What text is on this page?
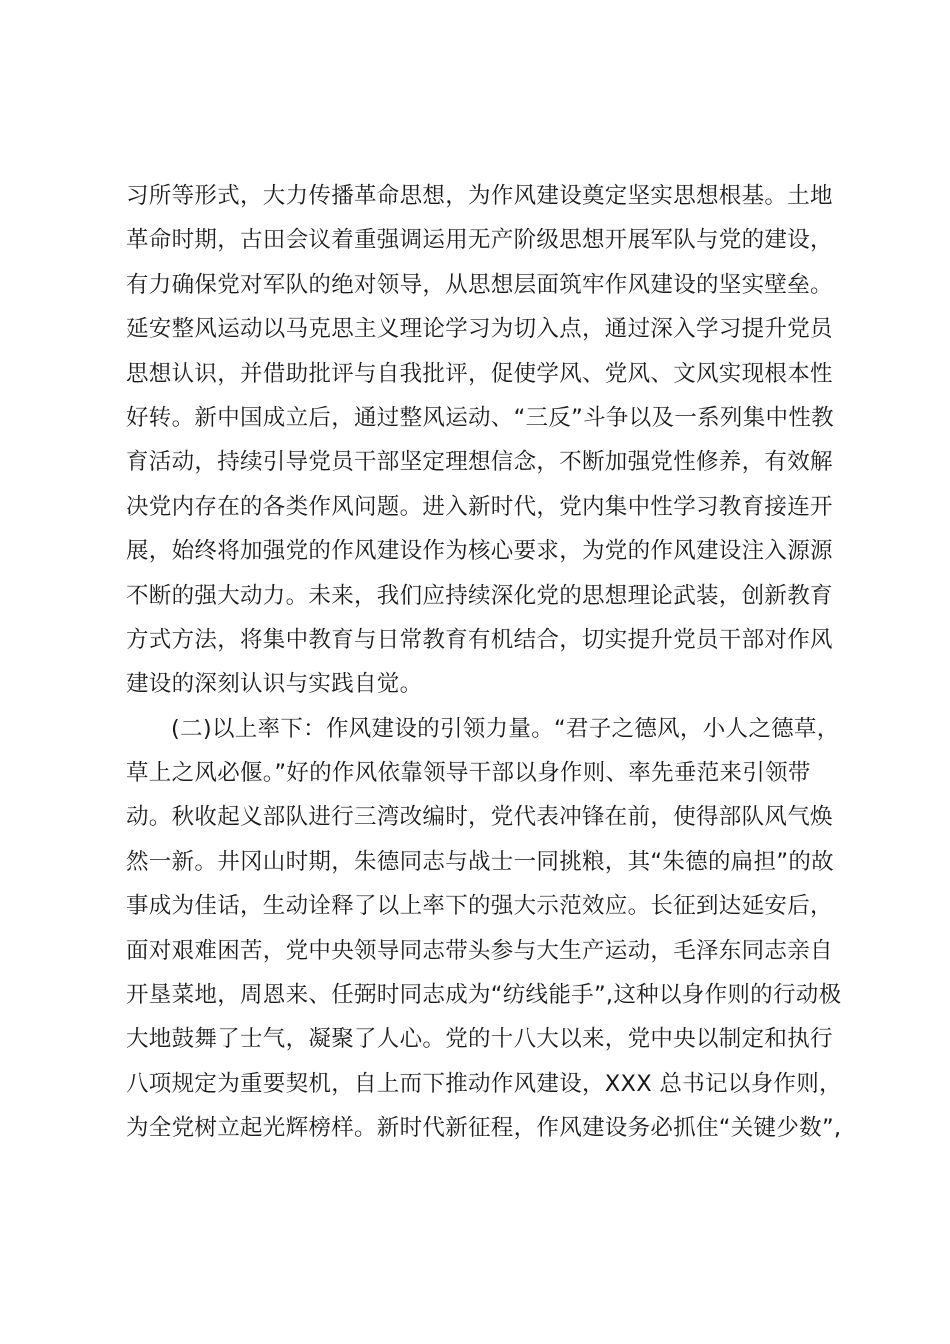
习所等形式，大力传播革命思想，为作风建设奠定坚实思想根基。土地
革命时期，古田会议着重强调运用无产阶级思想开展军队与党的建设，
有力确保党对军队的绝对领导，从思想层面筑牢作风建设的坚实壁垒。
延安整风运动以马克思主义理论学习为切入点，通过深入学习提升党员
思想认识，并借助批评与自我批评，促使学风、党风、文风实现根本性
好转。新中国成立后，通过整风运动、“三反”斗争以及一系列集中性教
育活动，持续引导党员干部坚定理想信念，不断加强党性修养，有效解
决党内存在的各类作风问题。进入新时代，党内集中性学习教育接连开
展，始终将加强党的作风建设作为核心要求，为党的作风建设注入源源
不断的强大动力。未来，我们应持续深化党的思想理论武装，创新教育
方式方法，将集中教育与日常教育有机结合，切实提升党员干部对作风
建设的深刻认识与实践自觉。
(二)以上率下：作风建设的引领力量。“君子之德风，小人之德草，
草上之风必偃。”好的作风依靠领导干部以身作则、率先垂范来引领带
动。秋收起义部队进行三湾改编时，党代表冲锋在前，使得部队风气焕
然一新。井冈山时期，朱德同志与战士一同挑粮，其“朱德的扁担”的故
事成为佳话，生动诠释了以上率下的强大示范效应。长征到达延安后，
面对艰难困苦，党中央领导同志带头参与大生产运动，毛泽东同志亲自
开垦菜地，周恩来、任弼时同志成为“纺线能手”,这种以身作则的行动极
大地鼓舞了士气，凝聚了人心。党的十八大以来，党中央以制定和执行
八项规定为重要契机，自上而下推动作风建设，XXX 总书记以身作则，
为全党树立起光辉榜样。新时代新征程，作风建设务必抓住“关键少数”,
